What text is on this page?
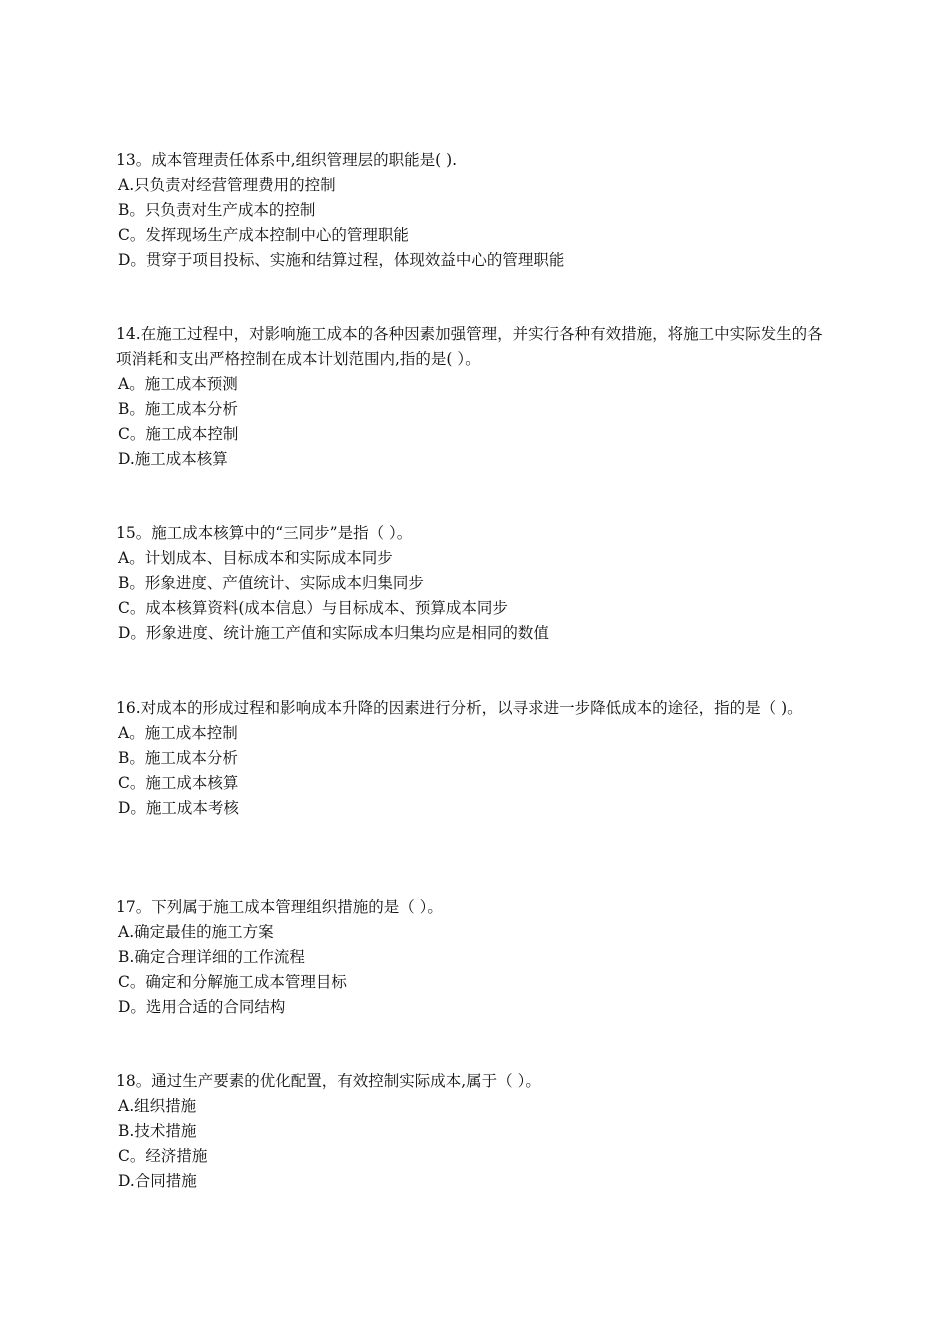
13。成本管理责任体系中,组织管理层的职能是( ).

A.只负责对经营管理费用的控制

B。只负责对生产成本的控制

C。发挥现场生产成本控制中心的管理职能

D。贯穿于项目投标、实施和结算过程，体现效益中心的管理职能

14.在施工过程中，对影响施工成本的各种因素加强管理，并实行各种有效措施，将施工中实际发生的各项消耗和支出严格控制在成本计划范围内,指的是( ）。

A。施工成本预测

B。施工成本分析

C。施工成本控制

D.施工成本核算

15。施工成本核算中的“三同步”是指（ ）。

A。计划成本、目标成本和实际成本同步

B。形象进度、产值统计、实际成本归集同步

C。成本核算资料(成本信息）与目标成本、预算成本同步

D。形象进度、统计施工产值和实际成本归集均应是相同的数值

16.对成本的形成过程和影响成本升降的因素进行分析，以寻求进一步降低成本的途径，指的是（ )。

A。施工成本控制

B。施工成本分析

C。施工成本核算

D。施工成本考核

17。下列属于施工成本管理组织措施的是（ ）。

A.确定最佳的施工方案

B.确定合理详细的工作流程

C。确定和分解施工成本管理目标

D。选用合适的合同结构

18。通过生产要素的优化配置，有效控制实际成本,属于（ ）。

A.组织措施

B.技术措施

C。经济措施

D.合同措施
